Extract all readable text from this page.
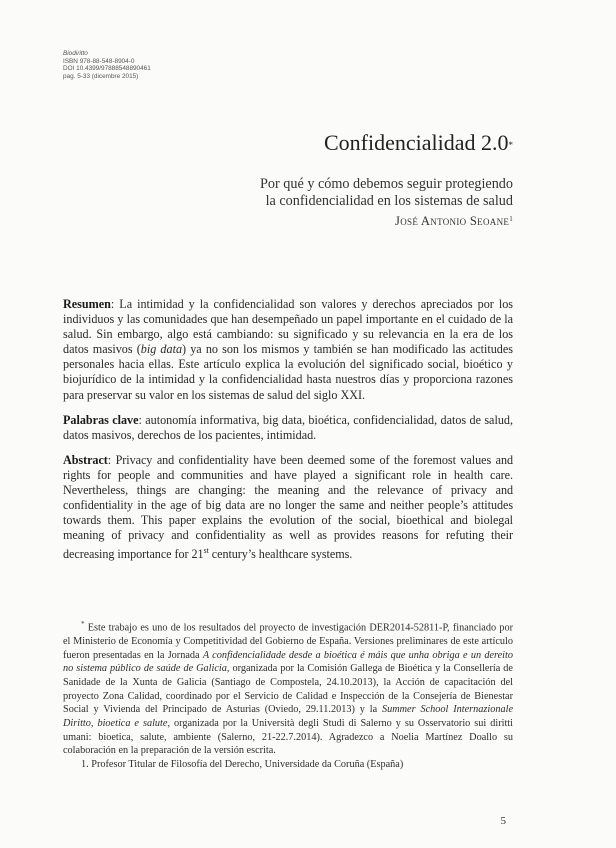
Biodiritto
ISBN 978-88-548-8904-0
DOI 10.4399/97888548890461
pag. 5-33 (dicembre 2015)
Confidencialidad 2.0*
Por qué y cómo debemos seguir protegiendo
la confidencialidad en los sistemas de salud
José Antonio Seoane$^1$

Resumen: La intimidad y la confidencialidad son valores y derechos apreciados por los individuos y las comunidades que han desempeñado un papel importante en el cuidado de la salud. Sin embargo, algo está cambiando: su significado y su relevancia en la era de los datos masivos (big data) ya no son los mismos y también se han modificado las actitudes personales hacia ellas. Este artículo explica la evolución del significado social, bioético y biojurídico de la intimidad y la confidencialidad hasta nuestros días y proporciona razones para preservar su valor en los sistemas de salud del siglo XXI.

Palabras clave: autonomía informativa, big data, bioética, confidencialidad, datos de salud, datos masivos, derechos de los pacientes, intimidad.

Abstract: Privacy and confidentiality have been deemed some of the foremost values and rights for people and communities and have played a significant role in health care. Nevertheless, things are changing: the meaning and the relevance of privacy and confidentiality in the age of big data are no longer the same and neither people’s attitudes towards them. This paper explains the evolution of the social, bioethical and biolegal meaning of privacy and confidentiality as well as provides reasons for refuting their decreasing importance for 21st century’s healthcare systems.

* Este trabajo es uno de los resultados del proyecto de investigación DER2014-52811-P, financiado por el Ministerio de Economía y Competitividad del Gobierno de España. Versiones preliminares de este artículo fueron presentadas en la Jornada A confidencialidade desde a bioética é máis que unha obriga e un dereito no sistema público de saúde de Galicia, organizada por la Comisión Gallega de Bioética y la Consellería de Sanidade de la Xunta de Galicia (Santiago de Compostela, 24.10.2013), la Acción de capacitación del proyecto Zona Calidad, coordinado por el Servicio de Calidad e Inspección de la Consejería de Bienestar Social y Vivienda del Principado de Asturias (Oviedo, 29.11.2013) y la Summer School Internazionale Diritto, bioetica e salute, organizada por la Università degli Studi di Salerno y su Osservatorio sui diritti umani: bioetica, salute, ambiente (Salerno, 21-22.7.2014). Agradezco a Noelia Martínez Doallo su colaboración en la preparación de la versión escrita.

1. Profesor Titular de Filosofía del Derecho, Universidade da Coruña (España)

5
